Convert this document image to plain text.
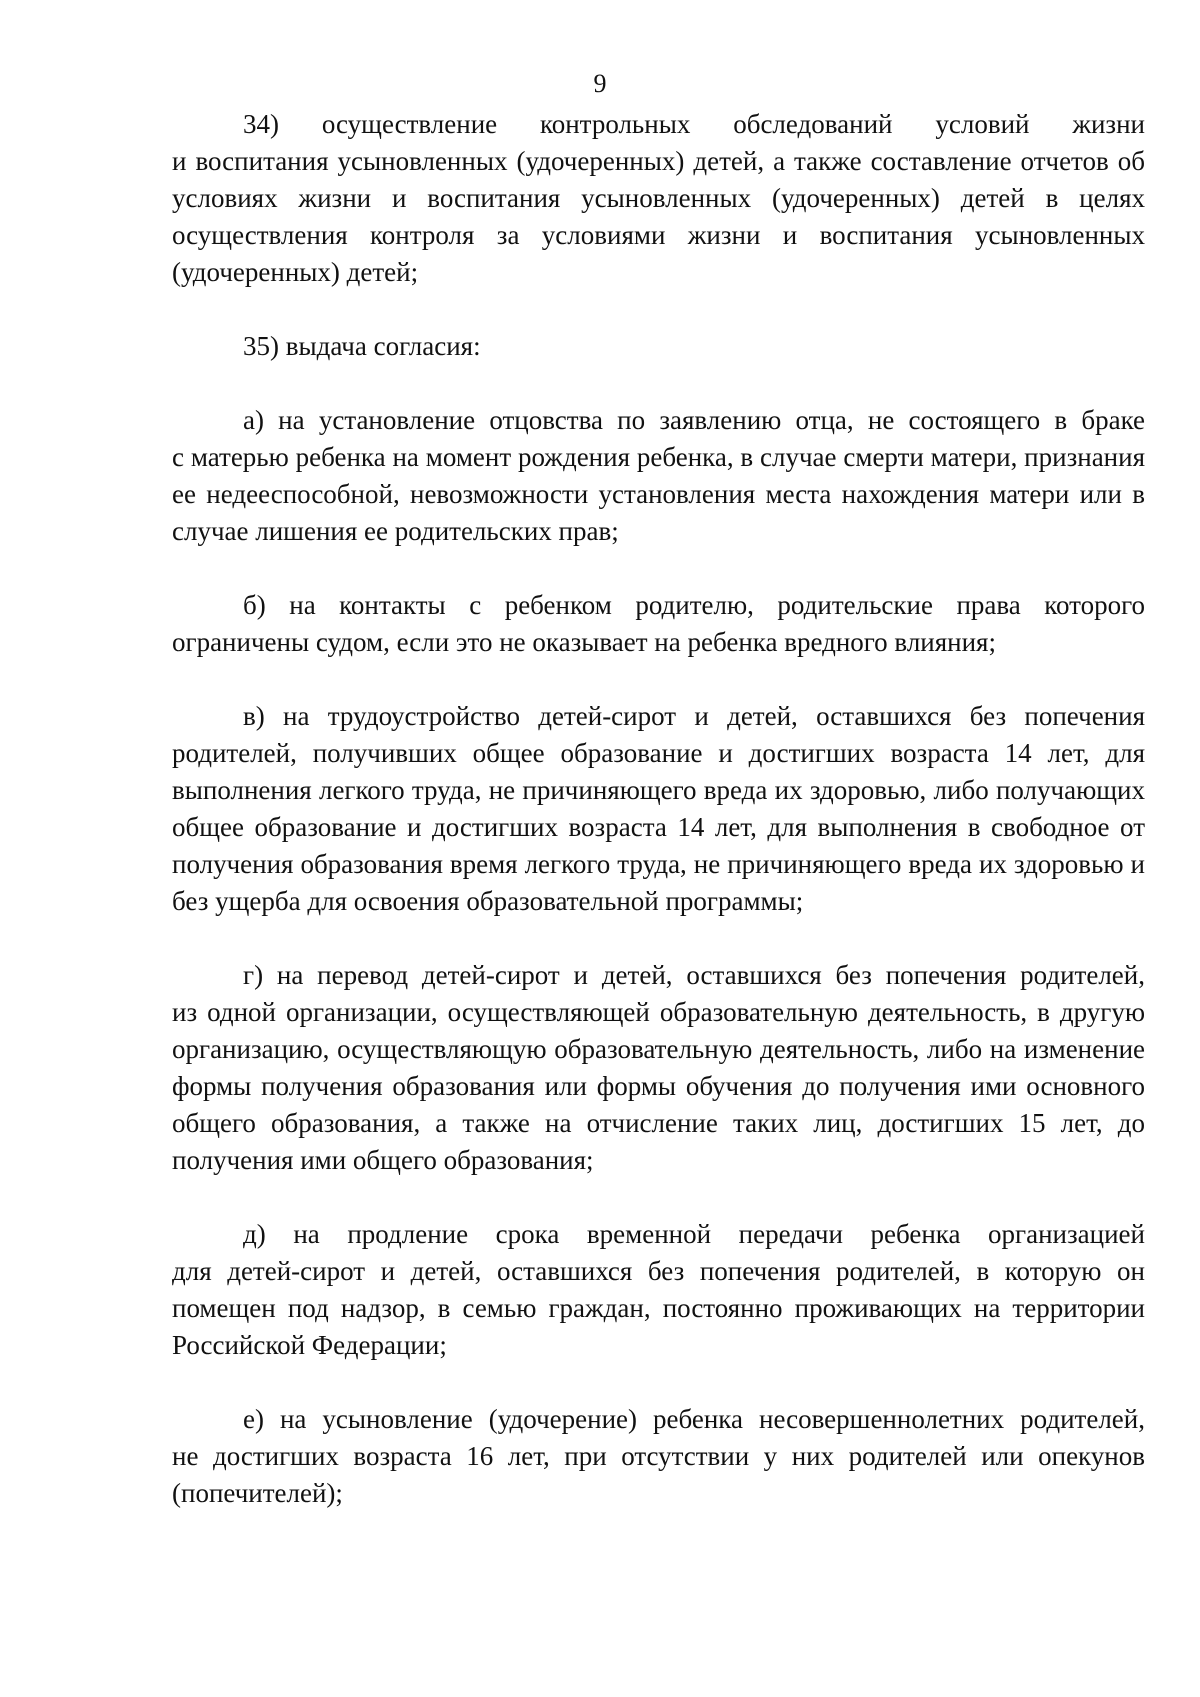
9

34) осуществление контрольных обследований условий жизни
и воспитания усыновленных (удочеренных) детей, а также составление отчетов об условиях жизни и воспитания усыновленных (удочеренных) детей в целях осуществления контроля за условиями жизни и воспитания усыновленных (удочеренных) детей;

35) выдача согласия:

а) на установление отцовства по заявлению отца, не состоящего в браке
с матерью ребенка на момент рождения ребенка, в случае смерти матери, признания ее недееспособной, невозможности установления места нахождения матери или в случае лишения ее родительских прав;

б) на контакты с ребенком родителю, родительские права которого
ограничены судом, если это не оказывает на ребенка вредного влияния;

в) на трудоустройство детей-сирот и детей, оставшихся без попечения
родителей, получивших общее образование и достигших возраста 14 лет, для выполнения легкого труда, не причиняющего вреда их здоровью, либо получающих общее образование и достигших возраста 14 лет, для выполнения в свободное от получения образования время легкого труда, не причиняющего вреда их здоровью и без ущерба для освоения образовательной программы;

г) на перевод детей-сирот и детей, оставшихся без попечения родителей,
из одной организации, осуществляющей образовательную деятельность, в другую организацию, осуществляющую образовательную деятельность, либо на изменение формы получения образования или формы обучения до получения ими основного общего образования, а также на отчисление таких лиц, достигших 15 лет, до получения ими общего образования;

д) на продление срока временной передачи ребенка организацией
для детей-сирот и детей, оставшихся без попечения родителей, в которую он помещен под надзор, в семью граждан, постоянно проживающих на территории Российской Федерации;

е) на усыновление (удочерение) ребенка несовершеннолетних родителей,
не достигших возраста 16 лет, при отсутствии у них родителей или опекунов (попечителей);
